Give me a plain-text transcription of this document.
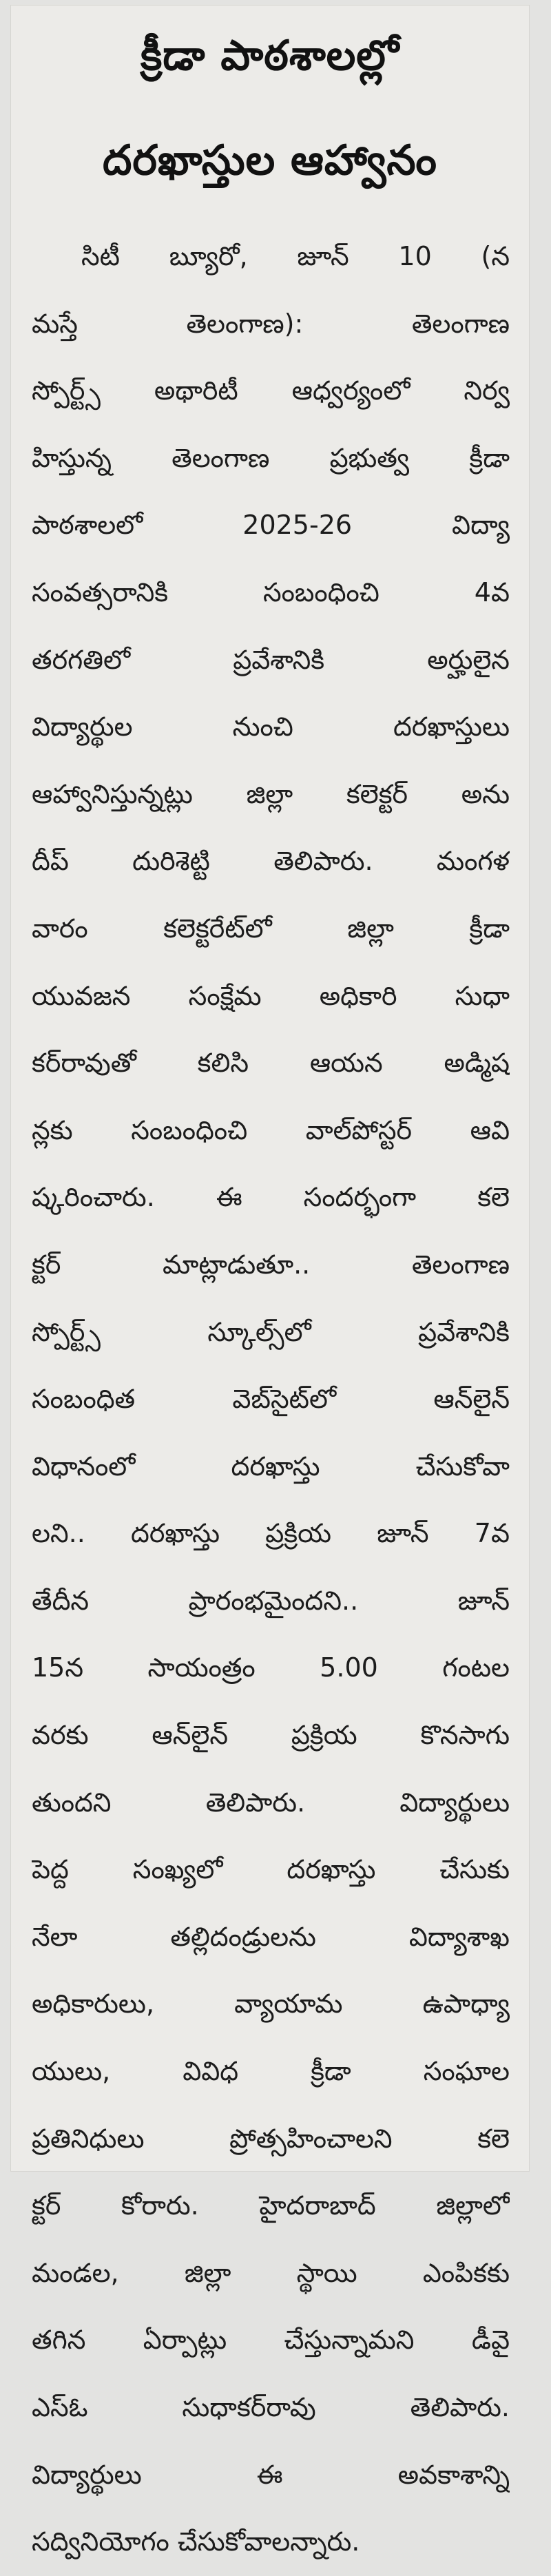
క్రీడా పాఠశాలల్లో
దరఖాస్తుల ఆహ్వానం
సిటీ బ్యూరో, జూన్ 10 (న
మస్తే తెలంగాణ): తెలంగాణ
స్పోర్ట్స్ అథారిటీ ఆధ్వర్యంలో నిర్వ
హిస్తున్న తెలంగాణ ప్రభుత్వ క్రీడా
పాఠశాలలో 2025-26 విద్యా
సంవత్సరానికి సంబంధించి 4వ
తరగతిలో ప్రవేశానికి అర్హులైన
విద్యార్థుల నుంచి దరఖాస్తులు
ఆహ్వానిస్తున్నట్లు జిల్లా కలెక్టర్ అను
దీప్ దురిశెట్టి తెలిపారు. మంగళ
వారం కలెక్టరేట్‌లో జిల్లా క్రీడా
యువజన సంక్షేమ అధికారి సుధా
కర్‌రావుతో కలిసి ఆయన అడ్మిష
న్లకు సంబంధించి వాల్‌పోస్టర్ ఆవి
ష్కరించారు. ఈ సందర్భంగా కలె
క్టర్ మాట్లాడుతూ.. తెలంగాణ
స్పోర్ట్స్ స్కూల్స్‌లో ప్రవేశానికి
సంబంధిత వెబ్‌సైట్‌లో ఆన్‌లైన్
విధానంలో దరఖాస్తు చేసుకోవా
లని.. దరఖాస్తు ప్రక్రియ జూన్ 7వ
తేదీన ప్రారంభమైందని.. జూన్
15న సాయంత్రం 5.00 గంటల
వరకు ఆన్‌లైన్ ప్రక్రియ కొనసాగు
తుందని తెలిపారు. విద్యార్థులు
పెద్ద సంఖ్యలో దరఖాస్తు చేసుకు
నేలా తల్లిదండ్రులను విద్యాశాఖ
అధికారులు, వ్యాయామ ఉపాధ్యా
యులు, వివిధ క్రీడా సంఘాల
ప్రతినిధులు ప్రోత్సహించాలని కలె
క్టర్ కోరారు. హైదరాబాద్ జిల్లాలో
మండల, జిల్లా స్థాయి ఎంపికకు
తగిన ఏర్పాట్లు చేస్తున్నామని డీవై
ఎస్ఓ సుధాకర్‌రావు తెలిపారు.
విద్యార్థులు ఈ అవకాశాన్ని
సద్వినియోగం చేసుకోవాలన్నారు.
